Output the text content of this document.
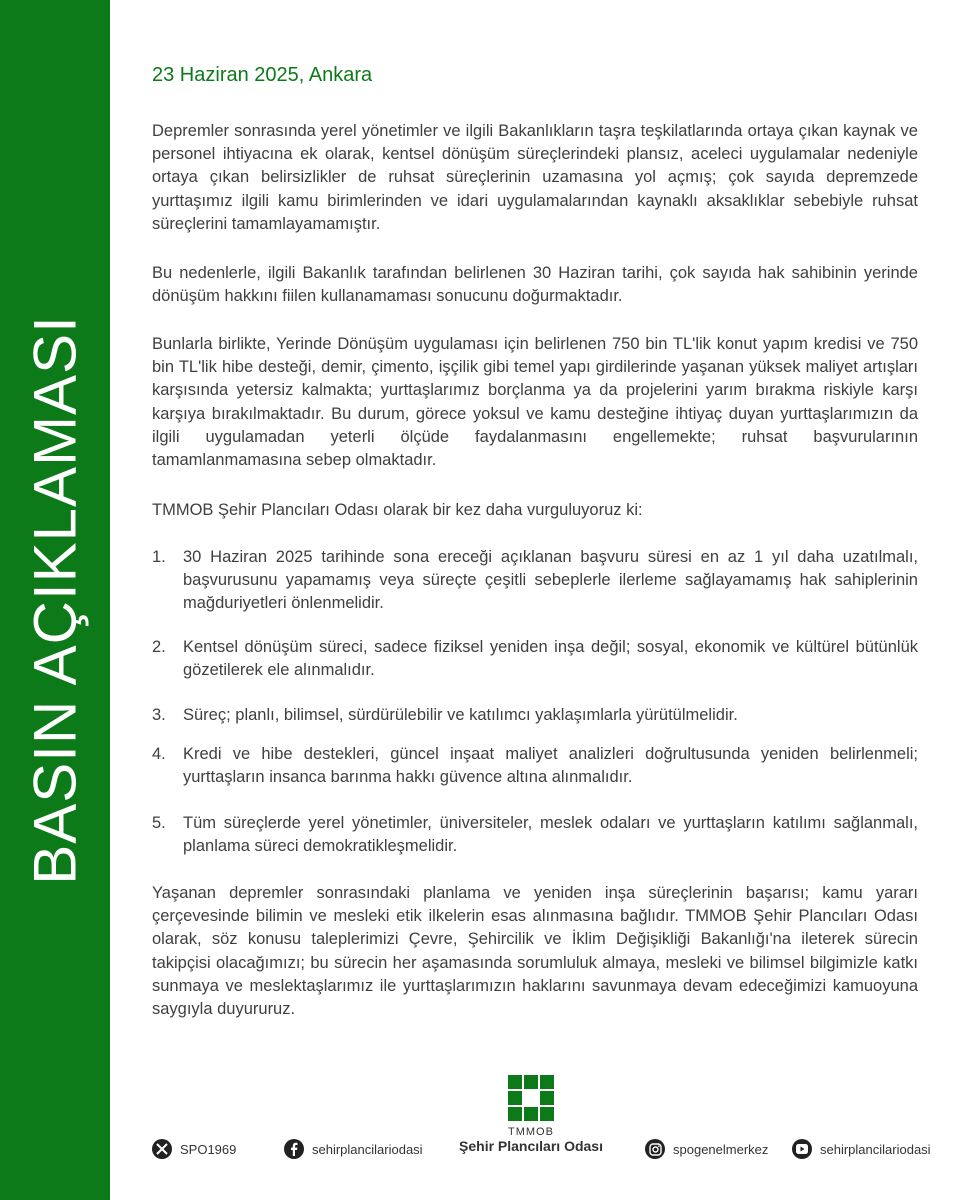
BASIN AÇIKLAMASI
23 Haziran 2025, Ankara
Depremler sonrasında yerel yönetimler ve ilgili Bakanlıkların taşra teşkilatlarında ortaya çıkan kaynak ve personel ihtiyacına ek olarak, kentsel dönüşüm süreçlerindeki plansız, aceleci uygulamalar nedeniyle ortaya çıkan belirsizlikler de ruhsat süreçlerinin uzamasına yol açmış; çok sayıda depremzede yurttaşımız ilgili kamu birimlerinden ve idari uygulamalarından kaynaklı aksaklıklar sebebiyle ruhsat süreçlerini tamamlayamamıştır.
Bu nedenlerle, ilgili Bakanlık tarafından belirlenen 30 Haziran tarihi, çok sayıda hak sahibinin yerinde dönüşüm hakkını fiilen kullanamaması sonucunu doğurmaktadır.
Bunlarla birlikte, Yerinde Dönüşüm uygulaması için belirlenen 750 bin TL'lik konut yapım kredisi ve 750 bin TL'lik hibe desteği, demir, çimento, işçilik gibi temel yapı girdilerinde yaşanan yüksek maliyet artışları karşısında yetersiz kalmakta; yurttaşlarımız borçlanma ya da projelerini yarım bırakma riskiyle karşı karşıya bırakılmaktadır. Bu durum, görece yoksul ve kamu desteğine ihtiyaç duyan yurttaşlarımızın da ilgili uygulamadan yeterli ölçüde faydalanmasını engellemekte; ruhsat başvurularının tamamlanmamasına sebep olmaktadır.
TMMOB Şehir Plancıları Odası olarak bir kez daha vurguluyoruz ki:
1.	30 Haziran 2025 tarihinde sona ereceği açıklanan başvuru süresi en az 1 yıl daha uzatılmalı, başvurusunu yapamamış veya süreçte çeşitli sebeplerle ilerleme sağlayamamış hak sahiplerinin mağduriyetleri önlenmelidir.
2.	Kentsel dönüşüm süreci, sadece fiziksel yeniden inşa değil; sosyal, ekonomik ve kültürel bütünlük gözetilerek ele alınmalıdır.
3.	Süreç; planlı, bilimsel, sürdürülebilir ve katılımcı yaklaşımlarla yürütülmelidir.
4.	Kredi ve hibe destekleri, güncel inşaat maliyet analizleri doğrultusunda yeniden belirlenmeli; yurttaşların insanca barınma hakkı güvence altına alınmalıdır.
5.	Tüm süreçlerde yerel yönetimler, üniversiteler, meslek odaları ve yurttaşların katılımı sağlanmalı, planlama süreci demokratikleşmelidir.
Yaşanan depremler sonrasındaki planlama ve yeniden inşa süreçlerinin başarısı; kamu yararı çerçevesinde bilimin ve mesleki etik ilkelerin esas alınmasına bağlıdır. TMMOB Şehir Plancıları Odası olarak, söz konusu taleplerimizi Çevre, Şehircilik ve İklim Değişikliği Bakanlığı'na ileterek sürecin takipçisi olacağımızı; bu sürecin her aşamasında sorumluluk almaya, mesleki ve bilimsel bilgimizle katkı sunmaya ve meslektaşlarımız ile yurttaşlarımızın haklarını savunmaya devam edeceğimizi kamuoyuna saygıyla duyururuz.
TMMOB
Şehir Plancıları Odası
SPO1969	sehirplancilariodasi	spogenelmerkez	sehirplancilariodasi
